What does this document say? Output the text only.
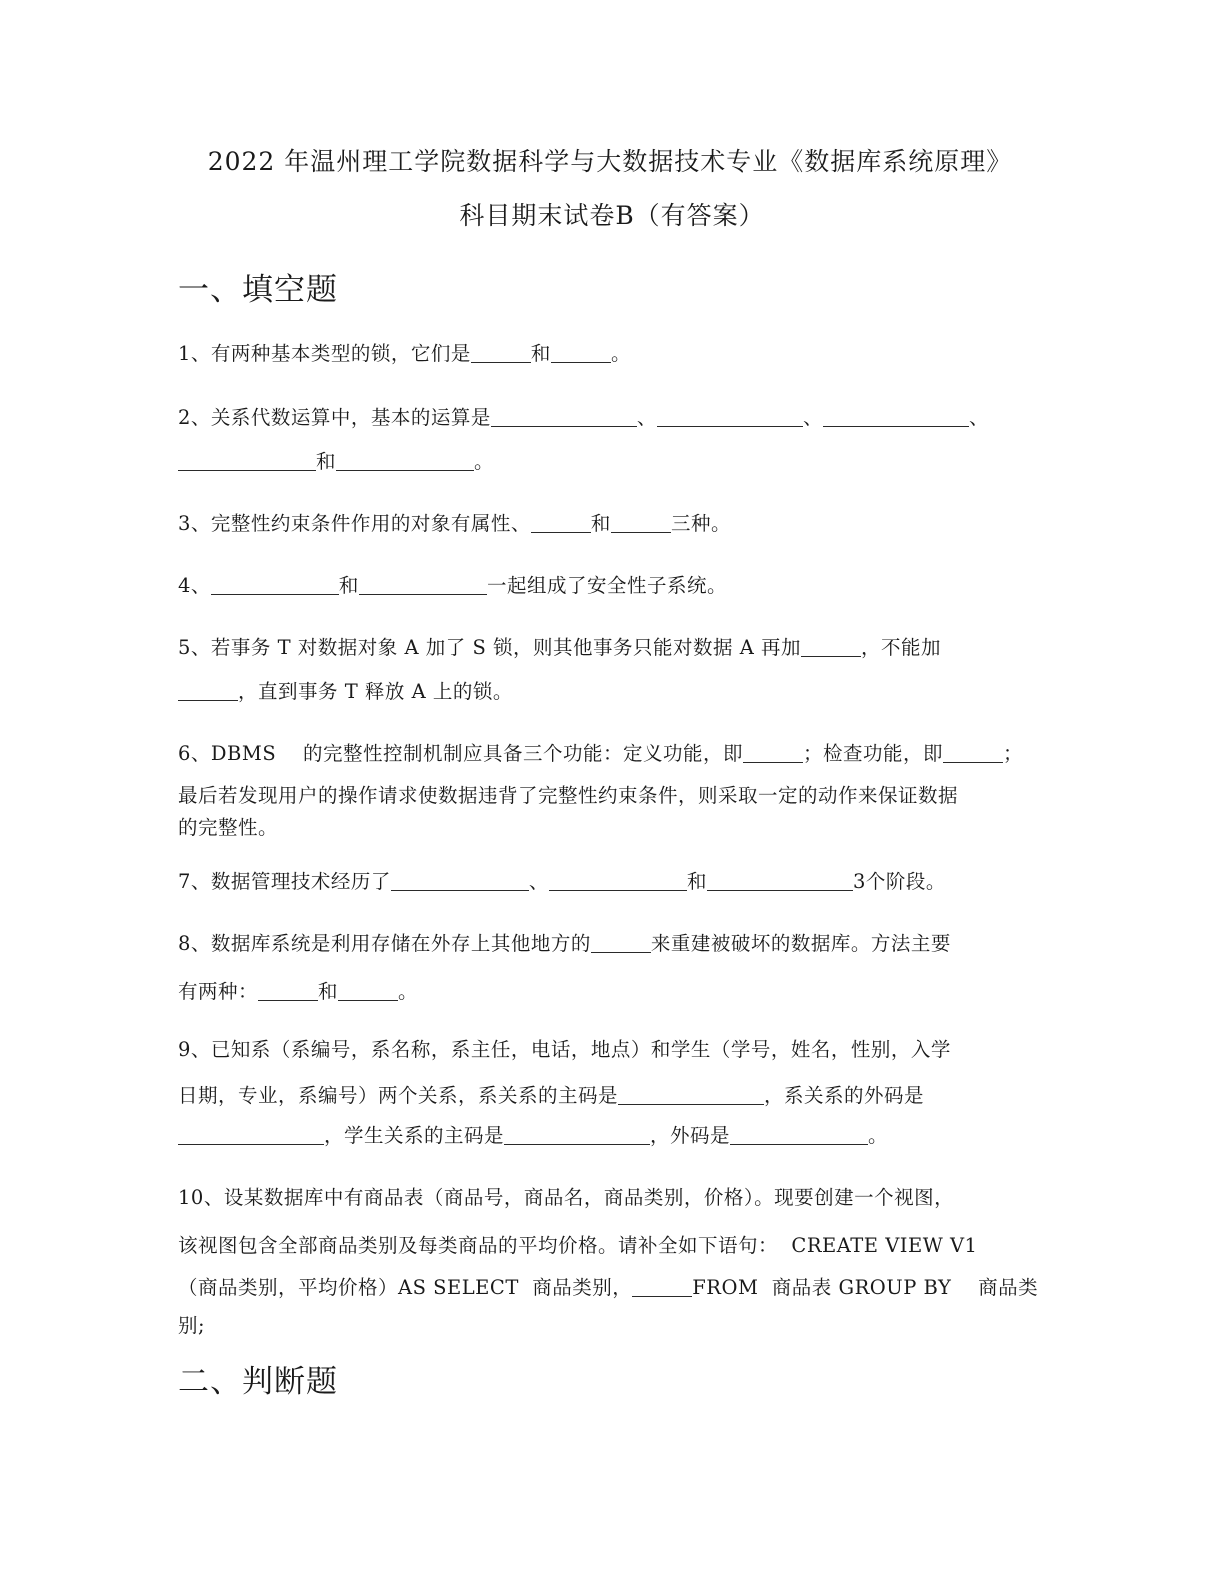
2022 年温州理工学院数据科学与大数据技术专业《数据库系统原理》
科目期末试卷B（有答案）
一、填空题
1、有两种基本类型的锁，它们是	和	。
2、关系代数运算中，基本的运算是	、	、	、
和	。
3、完整性约束条件作用的对象有属性、	和	三种。
4、	和	一起组成了安全性子系统。
5、若事务 T 对数据对象 A 加了 S 锁，则其他事务只能对数据 A 再加	，不能加
，直到事务 T 释放 A 上的锁。
6、DBMS    的完整性控制机制应具备三个功能：定义功能，即	；检查功能，即	；
最后若发现用户的操作请求使数据违背了完整性约束条件，则采取一定的动作来保证数据
的完整性。
7、数据管理技术经历了	、	和	3个阶段。
8、数据库系统是利用存储在外存上其他地方的	来重建被破坏的数据库。方法主要
有两种：	和	。
9、已知系（系编号，系名称，系主任，电话，地点）和学生（学号，姓名，性别，入学
日期，专业，系编号）两个关系，系关系的主码是	，系关系的外码是
，学生关系的主码是	，外码是	。
10、设某数据库中有商品表（商品号，商品名，商品类别，价格）。现要创建一个视图，
该视图包含全部商品类别及每类商品的平均价格。请补全如下语句：  CREATE VIEW V1
（商品类别，平均价格）AS SELECT  商品类别，	FROM  商品表 GROUP BY    商品类
别;
二、判断题
